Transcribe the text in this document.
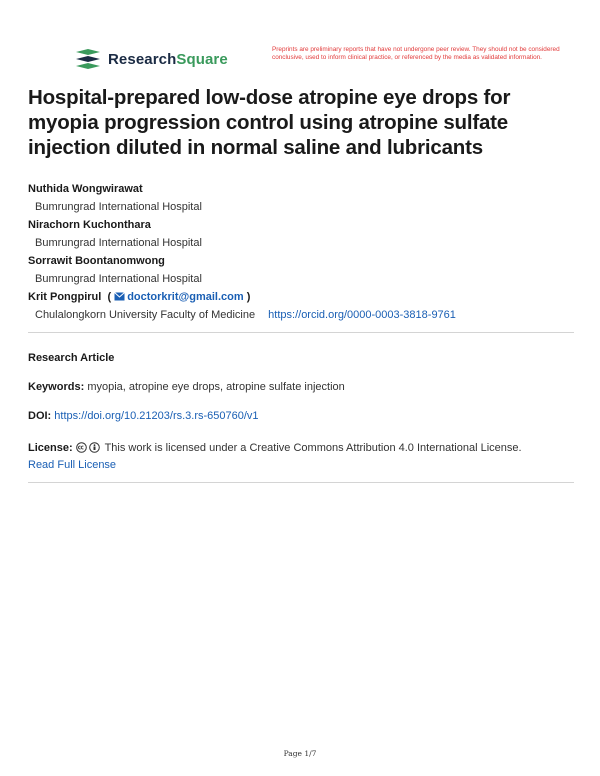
ResearchSquare
Preprints are preliminary reports that have not undergone peer review. They should not be considered conclusive, used to inform clinical practice, or referenced by the media as validated information.
Hospital-prepared low-dose atropine eye drops for myopia progression control using atropine sulfate injection diluted in normal saline and lubricants
Nuthida Wongwirawat
Bumrungrad International Hospital
Nirachorn Kuchonthara
Bumrungrad International Hospital
Sorrawit Boontanomwong
Bumrungrad International Hospital
Krit Pongpirul ( doctorkrit@gmail.com )
Chulalongkorn University Faculty of Medicine https://orcid.org/0000-0003-3818-9761
Research Article
Keywords: myopia, atropine eye drops, atropine sulfate injection
DOI: https://doi.org/10.21203/rs.3.rs-650760/v1
License:	This work is licensed under a Creative Commons Attribution 4.0 International License.
Read Full License
Page 1/7
